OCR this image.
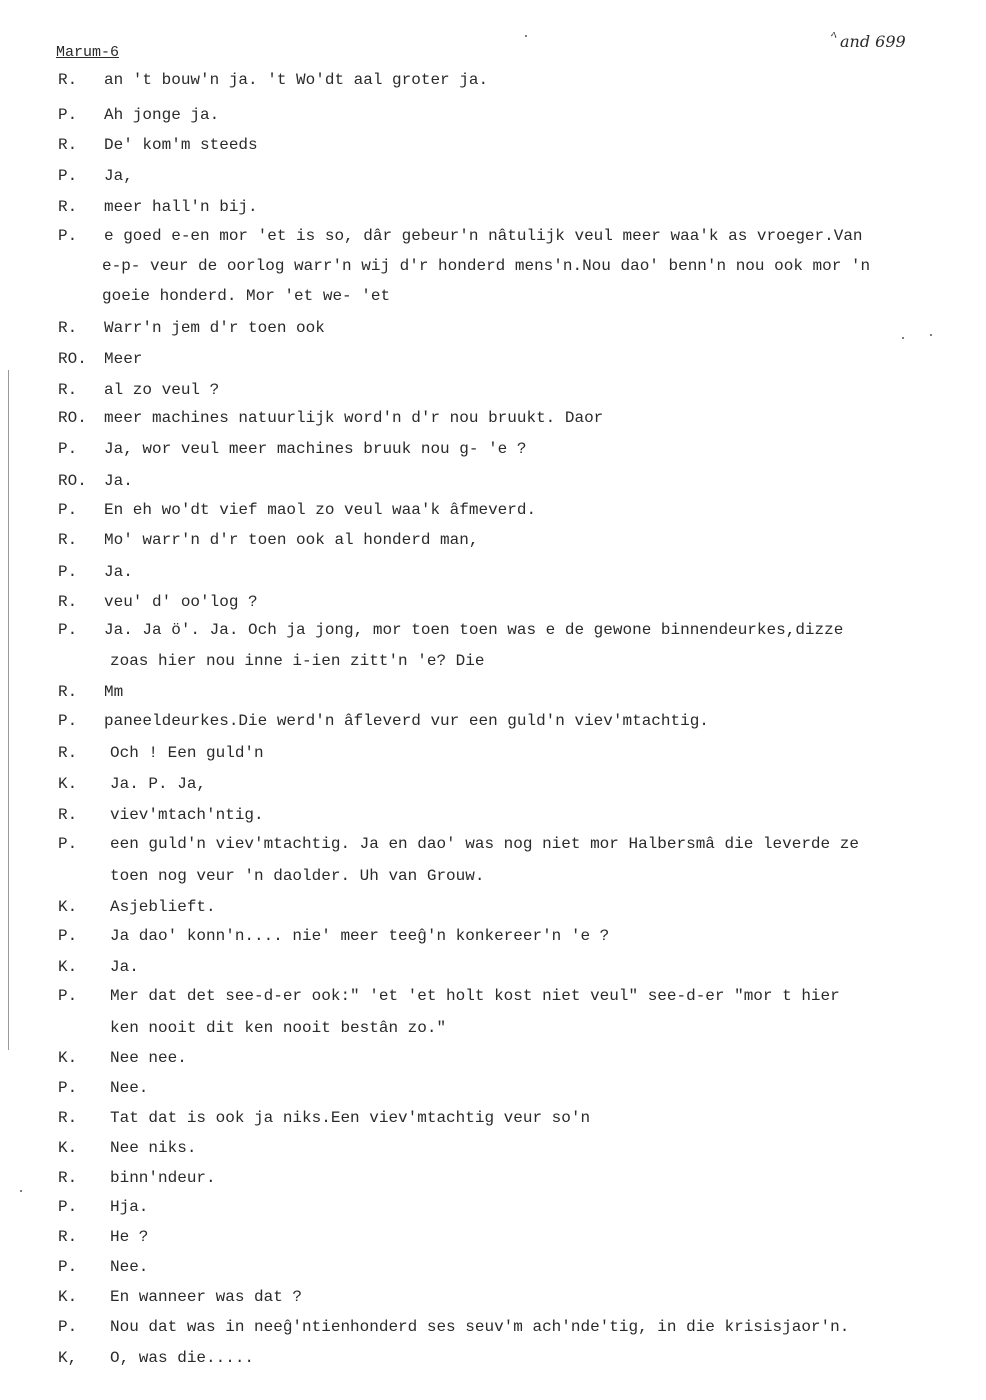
Marum-6
ﾍ and 699
R. an 't bouw'n ja. 't Wo'dt aal groter ja.
P. Ah jonge ja.
R. De' kom'm steeds
P. Ja,
R. meer hall'n bij.
P. e goed e-en mor 'et is so, dâr gebeur'n nâtulijk veul meer waa'k as vroeger.Van
e-p- veur de oorlog warr'n wij d'r honderd mens'n.Nou dao' benn'n nou ook mor 'n
goeie honderd. Mor 'et we- 'et
R. Warr'n jem d'r toen ook
RO. Meer
R. al zo veul ?
RO. meer machines natuurlijk word'n d'r nou bruukt. Daor
P. Ja, wor veul meer machines bruuk nou g- 'e ?
RO. Ja.
P. En eh wo'dt vief maol zo veul waa'k âfmeverd.
R. Mo' warr'n d'r toen ook al honderd man,
P. Ja.
R. veu' d' oo'log ?
P. Ja. Ja ö'. Ja. Och ja jong, mor toen toen was e de gewone binnendeurkes,dizze
zoas hier nou inne i-ien zitt'n 'e? Die
R. Mm
P. paneeldeurkes.Die werd'n âfleverd vur een guld'n viev'mtachtig.
R. Och ! Een guld'n
K. Ja. P. Ja,
R. viev'mtach'ntig.
P. een guld'n viev'mtachtig. Ja en dao' was nog niet mor Halbersmâ die leverde ze
toen nog veur 'n daolder. Uh van Grouw.
K. Asjeblieft.
P. Ja dao' konn'n.... nie' meer teeĝ'n konkereer'n 'e ?
K. Ja.
P. Mer dat det see-d-er ook:" 'et 'et holt kost niet veul" see-d-er "mor t hier
ken nooit dit ken nooit bestân zo."
K. Nee nee.
P. Nee.
R. Tat dat is ook ja niks.Een viev'mtachtig veur so'n
K. Nee niks.
R. binn'ndeur.
P. Hja.
R. He ?
P. Nee.
K. En wanneer was dat ?
P. Nou dat was in neeĝ'ntienhonderd ses seuv'm ach'nde'tig, in die krisisjaor'n.
K, O, was die.....
